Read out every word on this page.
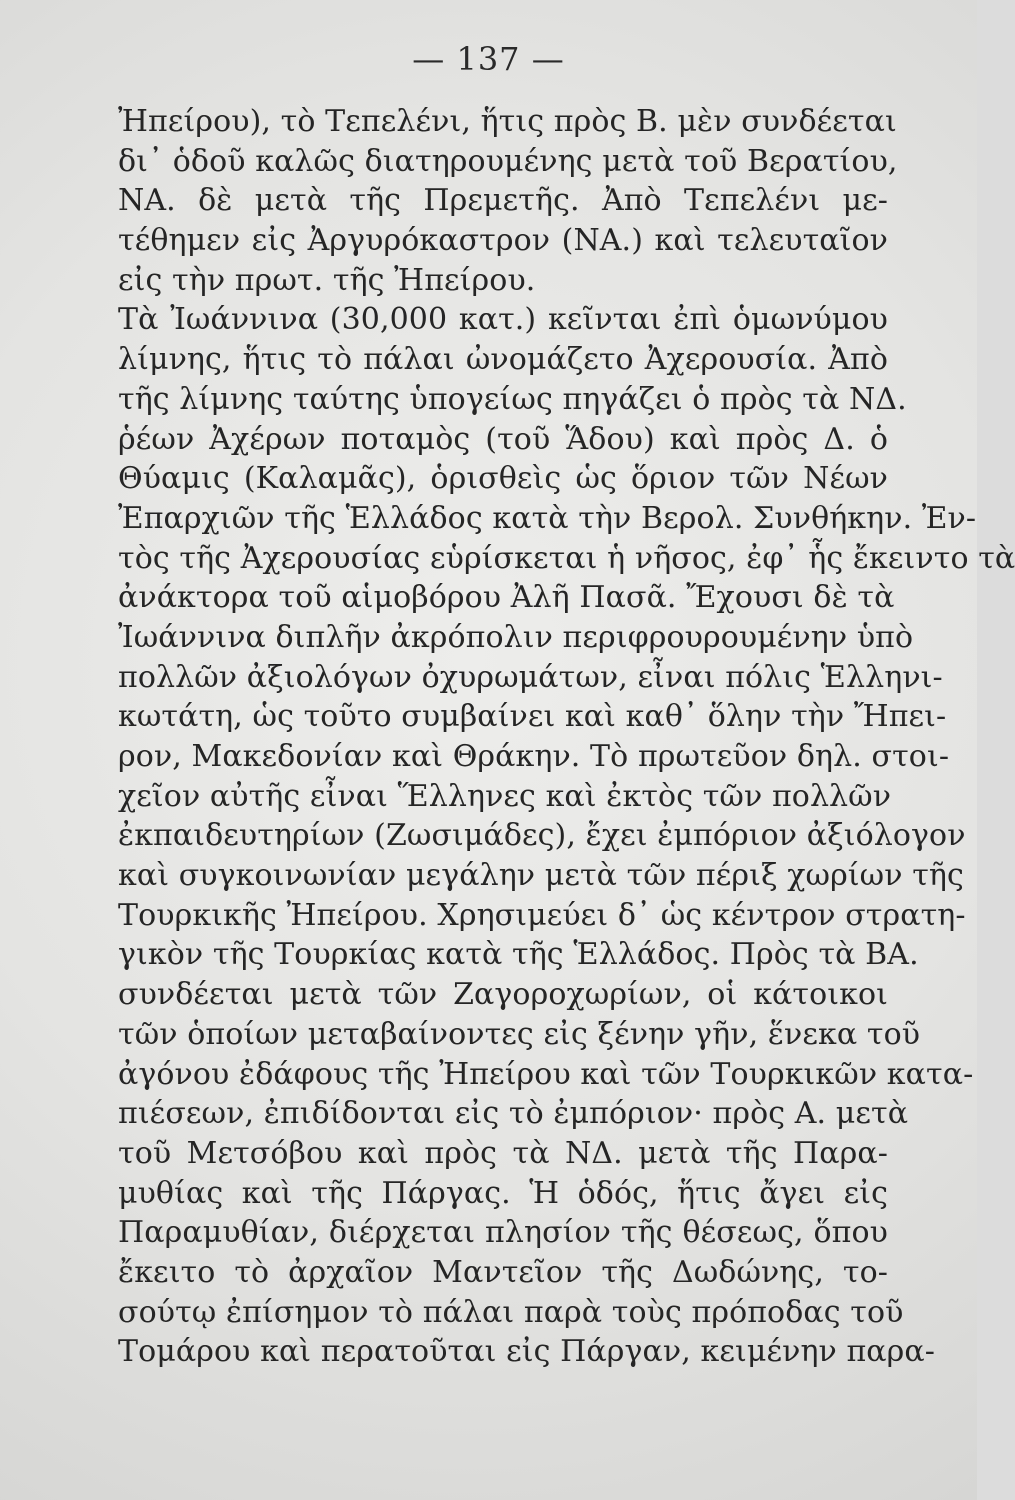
— 137 —
Ἠπείρου), τὸ Τεπελένι, ἥτις πρὸς Β. μὲν συνδέεται
δι᾽ ὁδοῦ καλῶς διατηρουμένης μετὰ τοῦ Βερατίου,
ΝΑ. δὲ μετὰ τῆς Πρεμετῆς. Ἀπὸ Τεπελένι με-
τέθημεν εἰς Ἀργυρόκαστρον (ΝΑ.) καὶ τελευταῖον
εἰς τὴν πρωτ. τῆς Ἠπείρου.
Τὰ Ἰωάννινα (30,000 κατ.) κεῖνται ἐπὶ ὁμωνύμου
λίμνης, ἥτις τὸ πάλαι ὠνομάζετο Ἀχερουσία. Ἀπὸ
τῆς λίμνης ταύτης ὑπογείως πηγάζει ὁ πρὸς τὰ ΝΔ.
ῥέων Ἀχέρων ποταμὸς (τοῦ Ἅδου) καὶ πρὸς Δ. ὁ
Θύαμις (Καλαμᾶς), ὁρισθεὶς ὡς ὅριον τῶν Νέων
Ἐπαρχιῶν τῆς Ἑλλάδος κατὰ τὴν Βερολ. Συνθήκην. Ἐν-
τὸς τῆς Ἀχερουσίας εὑρίσκεται ἡ νῆσος, ἐφ᾽ ἧς ἔκειντο τὰ
ἀνάκτορα τοῦ αἱμοβόρου Ἀλῆ Πασᾶ. Ἔχουσι δὲ τὰ
Ἰωάννινα διπλῆν ἀκρόπολιν περιφρουρουμένην ὑπὸ
πολλῶν ἀξιολόγων ὀχυρωμάτων, εἶναι πόλις Ἑλληνι-
κωτάτη, ὡς τοῦτο συμβαίνει καὶ καθ᾽ ὅλην τὴν Ἤπει-
ρον, Μακεδονίαν καὶ Θράκην. Τὸ πρωτεῦον δηλ. στοι-
χεῖον αὐτῆς εἶναι Ἕλληνες καὶ ἐκτὸς τῶν πολλῶν
ἐκπαιδευτηρίων (Ζωσιμάδες), ἔχει ἐμπόριον ἀξιόλογον
καὶ συγκοινωνίαν μεγάλην μετὰ τῶν πέριξ χωρίων τῆς
Τουρκικῆς Ἠπείρου. Χρησιμεύει δ᾽ ὡς κέντρον στρατη-
γικὸν τῆς Τουρκίας κατὰ τῆς Ἑλλάδος. Πρὸς τὰ ΒΑ.
συνδέεται μετὰ τῶν Ζαγοροχωρίων, οἱ κάτοικοι
τῶν ὁποίων μεταβαίνοντες εἰς ξένην γῆν, ἕνεκα τοῦ
ἀγόνου ἐδάφους τῆς Ἠπείρου καὶ τῶν Τουρκικῶν κατα-
πιέσεων, ἐπιδίδονται εἰς τὸ ἐμπόριον· πρὸς Α. μετὰ
τοῦ Μετσόβου καὶ πρὸς τὰ ΝΔ. μετὰ τῆς Παρα-
μυθίας καὶ τῆς Πάργας. Ἡ ὁδός, ἥτις ἄγει εἰς
Παραμυθίαν, διέρχεται πλησίον τῆς θέσεως, ὅπου
ἔκειτο τὸ ἀρχαῖον Μαντεῖον τῆς Δωδώνης, το-
σούτῳ ἐπίσημον τὸ πάλαι παρὰ τοὺς πρόποδας τοῦ
Τομάρου καὶ περατοῦται εἰς Πάργαν, κειμένην παρα-
